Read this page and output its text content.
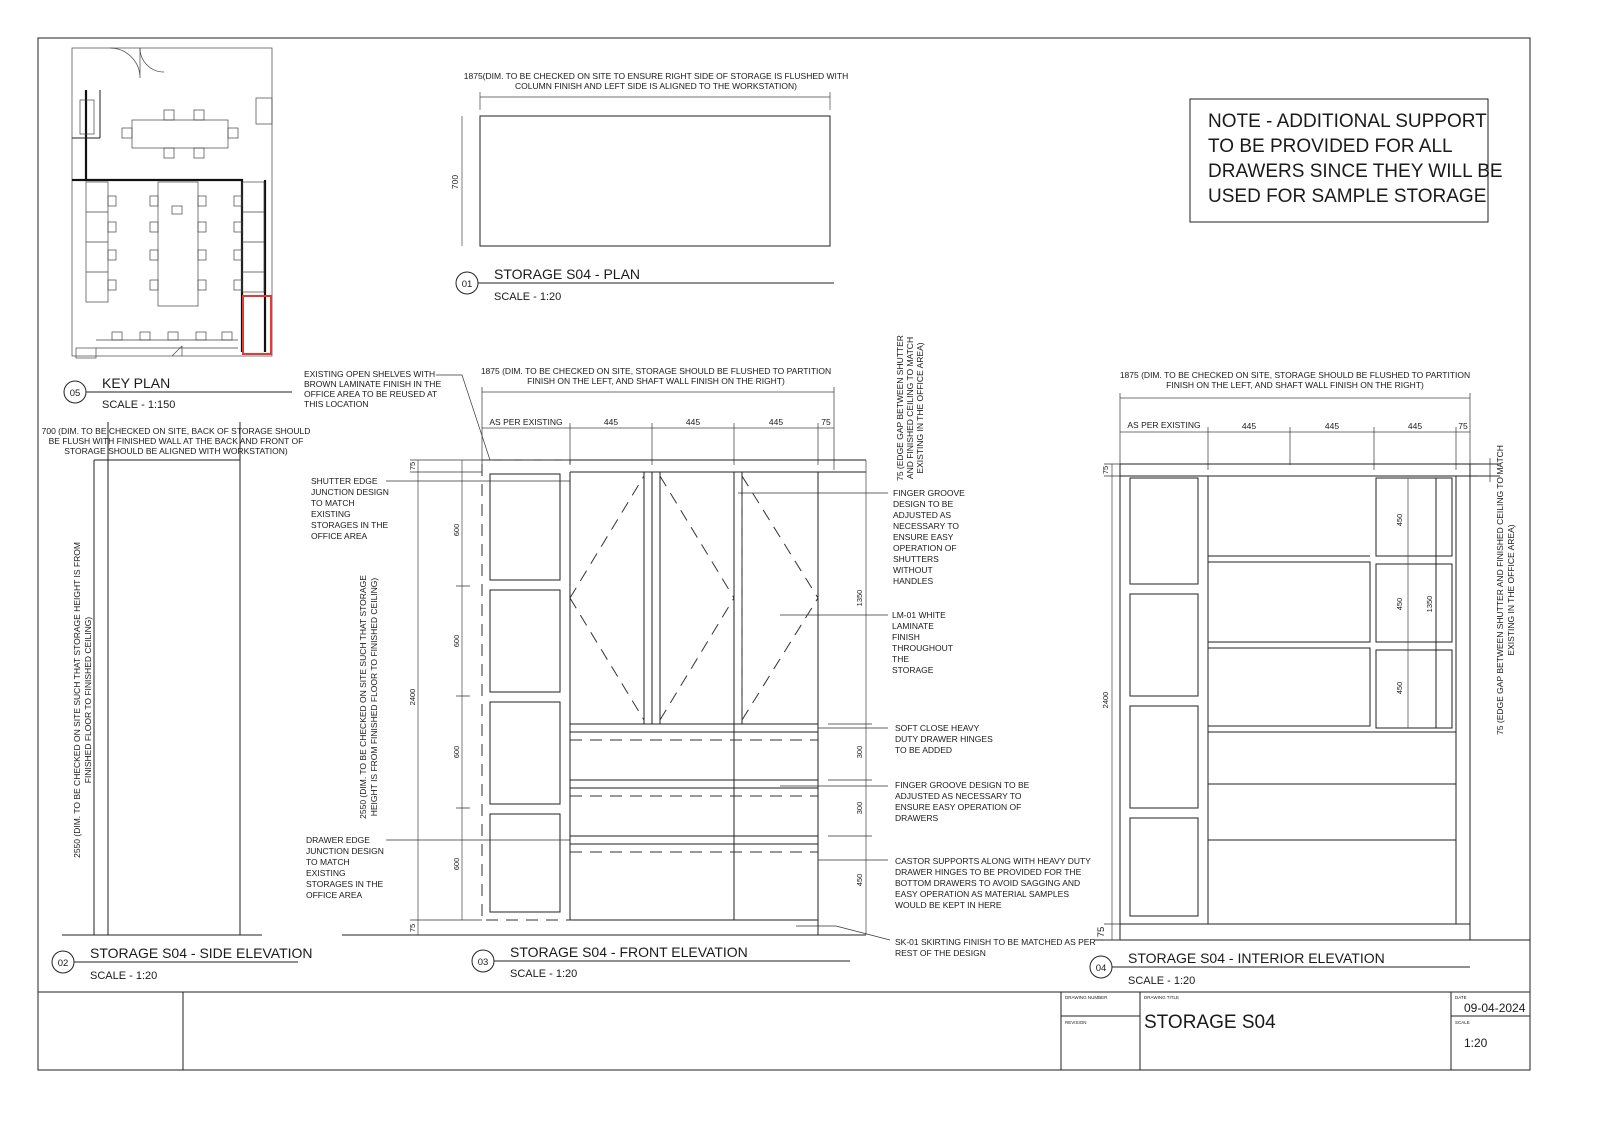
05
KEY PLAN
SCALE - 1:150
1875(DIM. TO BE CHECKED ON SITE TO ENSURE RIGHT SIDE OF STORAGE IS FLUSHED WITH
COLUMN FINISH AND LEFT SIDE IS ALIGNED TO THE WORKSTATION)
700
01
STORAGE S04 - PLAN
SCALE - 1:20
NOTE - ADDITIONAL SUPPORT
TO BE PROVIDED FOR ALL
DRAWERS SINCE THEY WILL BE
USED FOR SAMPLE STORAGE
700 (DIM. TO BE CHECKED ON SITE, BACK OF STORAGE SHOULD
BE FLUSH WITH FINISHED WALL AT THE BACK AND FRONT OF
STORAGE SHOULD BE ALIGNED WITH WORKSTATION)
2550 (DIM. TO BE CHECKED ON SITE SUCH THAT STORAGE HEIGHT IS FROM FINISHED FLOOR TO FINISHED CEILING)
02
STORAGE S04 - SIDE ELEVATION
SCALE - 1:20
1875 (DIM. TO BE CHECKED ON SITE, STORAGE SHOULD BE FLUSHED TO PARTITION
FINISH ON THE LEFT, AND SHAFT WALL FINISH ON THE RIGHT)
AS PER EXISTING	445	445	445	75
75
600
600
600
600
75
2400
2550 (DIM. TO BE CHECKED ON SITE SUCH THAT STORAGE HEIGHT IS FROM FINISHED FLOOR TO FINISHED CEILING)	1350
300
300
450
75 (EDGE GAP BETWEEN SHUTTER AND FINISHED CEILING TO MATCH EXISTING IN THE OFFICE AREA)
EXISTING OPEN SHELVES WITH
BROWN LAMINATE FINISH IN THE
OFFICE AREA TO BE REUSED AT
THIS LOCATION
SHUTTER EDGE
JUNCTION DESIGN
TO MATCH
EXISTING
STORAGES IN THE
OFFICE AREA
DRAWER EDGE
JUNCTION DESIGN
TO MATCH
EXISTING
STORAGES IN THE
OFFICE AREA
FINGER GROOVE
DESIGN TO BE
ADJUSTED AS
NECESSARY TO
ENSURE EASY
OPERATION OF
SHUTTERS
WITHOUT
HANDLES
LM-01 WHITE
LAMINATE
FINISH
THROUGHOUT
THE
STORAGE
SOFT CLOSE HEAVY
DUTY DRAWER HINGES
TO BE ADDED
FINGER GROOVE DESIGN TO BE
ADJUSTED AS NECESSARY TO
ENSURE EASY OPERATION OF
DRAWERS
CASTOR SUPPORTS ALONG WITH HEAVY DUTY
DRAWER HINGES TO BE PROVIDED FOR THE
BOTTOM DRAWERS TO AVOID SAGGING AND
EASY OPERATION AS MATERIAL SAMPLES
WOULD BE KEPT IN HERE
SK-01 SKIRTING FINISH TO BE MATCHED AS PER
REST OF THE DESIGN
03
STORAGE S04 - FRONT ELEVATION
SCALE - 1:20
1875 (DIM. TO BE CHECKED ON SITE, STORAGE SHOULD BE FLUSHED TO PARTITION
FINISH ON THE LEFT, AND SHAFT WALL FINISH ON THE RIGHT)
AS PER EXISTING	445	445	445	75
450
450
450
1350
75
2400
75
75 (EDGE GAP BETWEEN SHUTTER AND FINISHED CEILING TO MATCH EXISTING IN THE OFFICE AREA)
04
STORAGE S04 - INTERIOR ELEVATION
SCALE - 1:20
DRAWING NUMBER
REVISION
DRAWING TITLE
STORAGE S04
DATE
09-04-2024
SCALE
1:20
